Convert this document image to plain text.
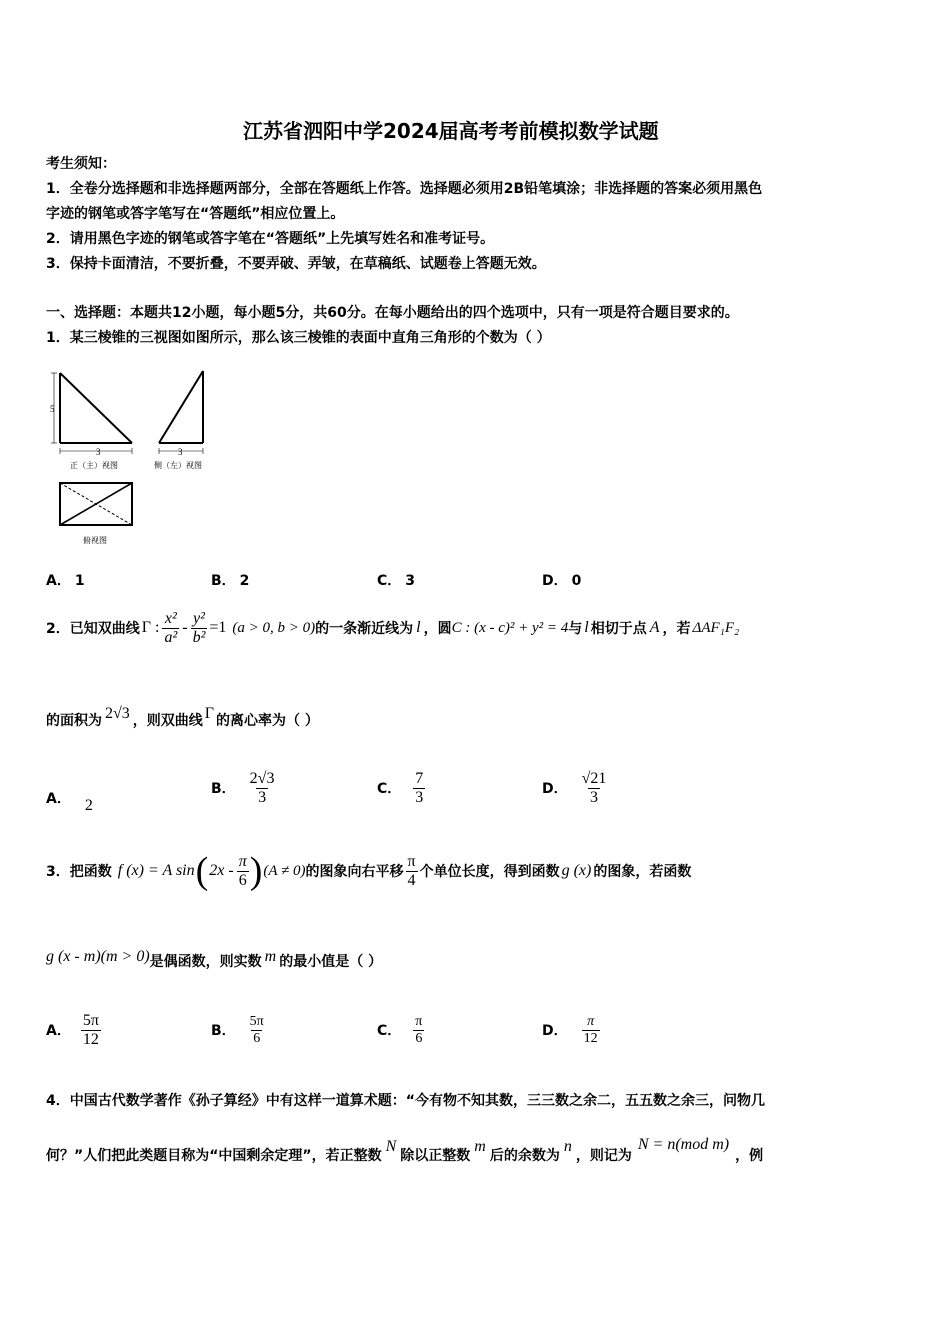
江苏省泗阳中学2024届高考考前模拟数学试题
考生须知：
1．全卷分选择题和非选择题两部分，全部在答题纸上作答。选择题必须用2B铅笔填涂；非选择题的答案必须用黑色
字迹的钢笔或答字笔写在“答题纸”相应位置上。
2．请用黑色字迹的钢笔或答字笔在“答题纸”上先填写姓名和准考证号。
3．保持卡面清洁，不要折叠，不要弄破、弄皱，在草稿纸、试题卷上答题无效。
一、选择题：本题共12小题，每小题5分，共60分。在每小题给出的四个选项中，只有一项是符合题目要求的。
1．某三棱锥的三视图如图所示，那么该三棱锥的表面中直角三角形的个数为（ ）
5
3
正（主）视图
3
侧（左）视图
俯视图
A． 1	B． 2	C． 3	D． 0
2．已知双曲线 Γ : $\frac{\text{x²}}{\text{a²}} - \frac{\text{y²}}{\text{b²}} =1$ (a > 0, b > 0) 的一条渐近线为 l ，圆 C : (x - c)² + y² = 4 与 l 相切于点 A ，若 ΔAF₁F₂
的面积为 2√3 ，则双曲线 Γ 的离心率为（ ）
A． 2
B． $\frac{2√3}{3}$	C． $\frac{7}{3}$	D． $\frac{√21}{3}$
3．把函数 f (x) = A sin ( $2x - \frac{\pi}{6}$ ) (A ≠ 0) 的图象向右平移 $\frac{\pi}{4}$ 个单位长度，得到函数 g (x) 的图象，若函数
g (x - m)(m > 0) 是偶函数，则实数 m 的最小值是（ ）
A． $\frac{5\pi}{12}$	B． $\frac{5\pi}{6}$	C． $\frac{\pi}{6}$	D． $\frac{\pi}{12}$
4．中国古代数学著作《孙子算经》中有这样一道算术题：“今有物不知其数，三三数之余二，五五数之余三，问物几
何？”人们把此类题目称为“中国剩余定理”，若正整数
N
除以正整数
m
后的余数为
n
，则记为
N = n(mod m)
，例
